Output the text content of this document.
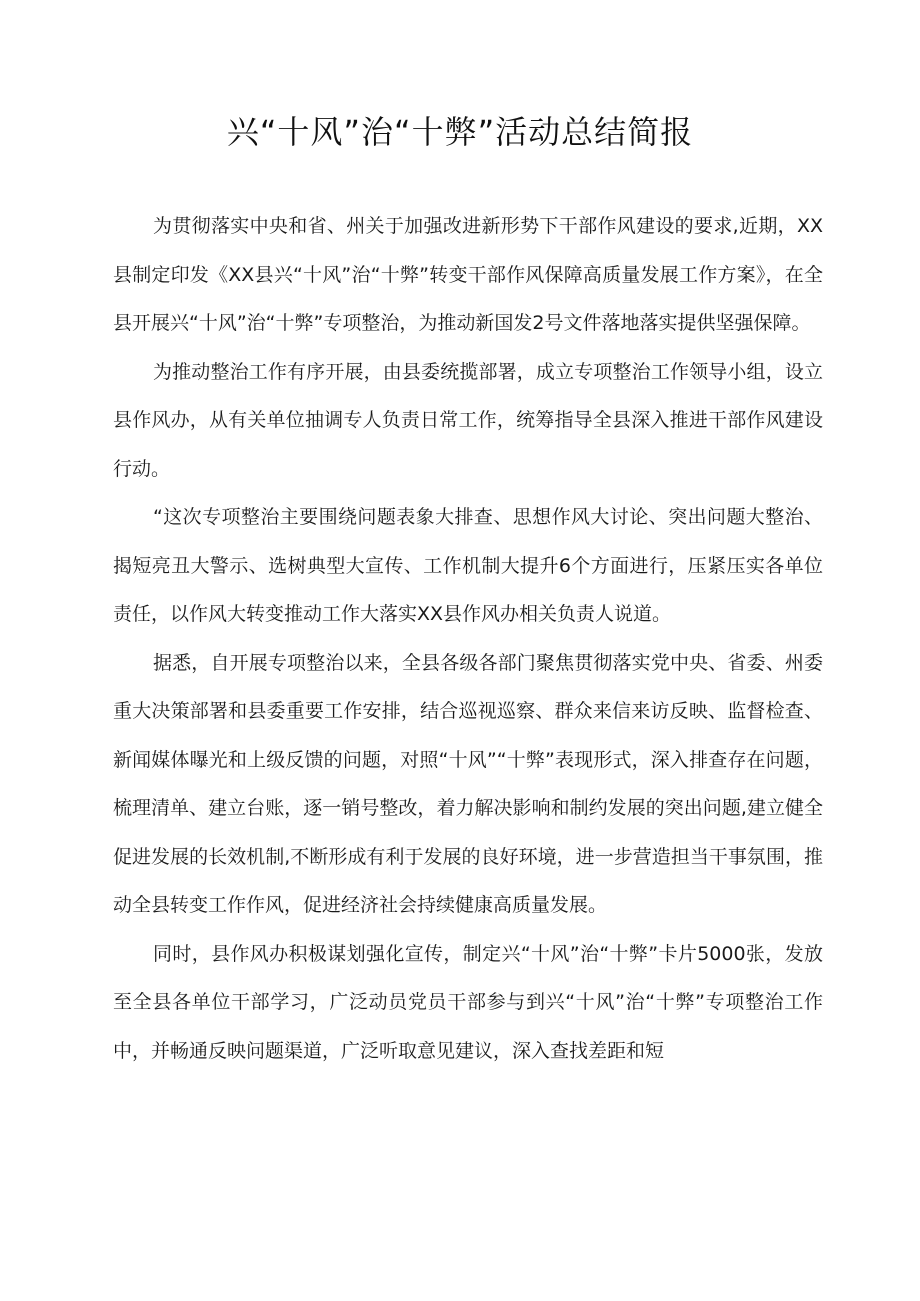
兴“十风”治“十弊”活动总结简报

为贯彻落实中央和省、州关于加强改进新形势下干部作风建设的要求,近期，XX县制定印发《XX县兴“十风”治“十弊”转变干部作风保障高质量发展工作方案》，在全县开展兴“十风”治“十弊”专项整治，为推动新国发2号文件落地落实提供坚强保障。

为推动整治工作有序开展，由县委统揽部署，成立专项整治工作领导小组，设立县作风办，从有关单位抽调专人负责日常工作，统筹指导全县深入推进干部作风建设行动。

“这次专项整治主要围绕问题表象大排查、思想作风大讨论、突出问题大整治、揭短亮丑大警示、选树典型大宣传、工作机制大提升6个方面进行，压紧压实各单位责任，以作风大转变推动工作大落实XX县作风办相关负责人说道。

据悉，自开展专项整治以来，全县各级各部门聚焦贯彻落实党中央、省委、州委重大决策部署和县委重要工作安排，结合巡视巡察、群众来信来访反映、监督检查、新闻媒体曝光和上级反馈的问题，对照“十风”“十弊”表现形式，深入排查存在问题，梳理清单、建立台账，逐一销号整改，着力解决影响和制约发展的突出问题,建立健全促进发展的长效机制,不断形成有利于发展的良好环境，进一步营造担当干事氛围，推动全县转变工作作风，促进经济社会持续健康高质量发展。

同时，县作风办积极谋划强化宣传，制定兴“十风”治“十弊”卡片5000张，发放至全县各单位干部学习，广泛动员党员干部参与到兴“十风”治“十弊”专项整治工作中，并畅通反映问题渠道，广泛听取意见建议，深入查找差距和短
